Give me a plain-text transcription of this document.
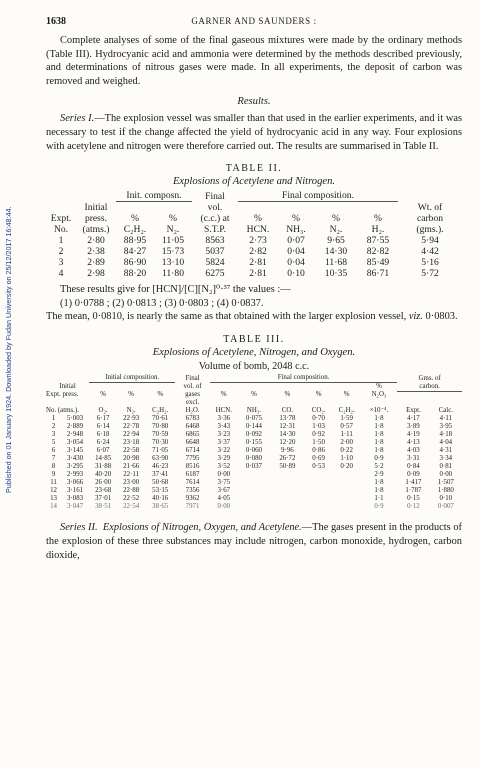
Published on 01 January 1924. Downloaded by Fudan University on 25/12/2017 16:48:44.
1638	GARNER AND SAUNDERS :

Complete analyses of some of the final gaseous mixtures were made by the ordinary methods (Table III). Hydrocyanic acid and ammonia were determined by the methods described previously, and determinations of nitrous gases were made. In all experiments, the deposit of carbon was removed and weighed.

Results.

Series I.—The explosion vessel was smaller than that used in the earlier experiments, and it was necessary to test if the change affected the yield of hydrocyanic acid in any way. Four explosions with acetylene and nitrogen were therefore carried out. The results are summarised in Table II.

TABLE II.
Explosions of Acetylene and Nitrogen.

		Init. composn.		Final	Final composition.				

	Initial			vol.					Wt. of
Expt.	press.	%	%	(c.c.) at	%	%	%	%	carbon
No.	(atms.)	C₂H₂.	N₂.	S.T.P.	HCN.	NH₃.	N₂.	H₂.	(gms.).
1	2·80	88·95	11·05	8563	2·73	0·07	9·65	87·55	5·94
2	2·38	84·27	15·73	5037	2·82	0·04	14·30	82·82	4·42
3	2·89	86·90	13·10	5824	2·81	0·04	11·68	85·49	5·16
4	2·98	88·20	11·80	6275	2·81	0·10	10·35	86·71	5·72

These results give for [HCN]/[C][N₂]⁰·³⁷ the values :—

(1) 0·0788 ; (2) 0·0813 ; (3) 0·0803 ; (4) 0·0837.

The mean, 0·0810, is nearly the same as that obtained with the larger explosion vessel, viz. 0·0803.

TABLE III.
Explosions of Acetylene, Nitrogen, and Oxygen.
Volume of bomb, 2048 c.c.

		Initial composition.			Final	Final composition.						Gms. of	
Initial					vol. of						%	carbon.	
Expt. press.		%	%	%	gases	%	%	%	%	%	N₂O₃		
No. (atms.).		O₂.	N₂.	C₂H₂.	excl.
H₂O.	HCN.	NH₃.	CO.	CO₂.	C₂H₂.	×10⁻⁴.	Expt.	Calc.
1	5·003	6·17	22·93	70·61	6783	3·36	0·075	13·78	0·70	1·59	1·8	4·17	4·11
2	2·889	6·14	22·78	70·80	6468	3·43	0·144	12·31	1·03	0·57	1·8	3·89	3·95
3	2·948	6·18	22·94	70·59	6865	3·23	0·092	14·30	0·92	1·11	1·8	4·19	4·18
5	3·054	6·24	23·18	70·30	6648	3·37	0·155	12·20	1·50	2·00	1·8	4·13	4·04
6	3·145	6·07	22·58	71·05	6714	3·22	0·060	9·96	0·86	0·22	1·8	4·03	4·31
7	3·430	14·85	20·98	63·90	7795	3·29	0·080	26·72	0·69	1·10	0·9	3·31	3·34
8	3·295	31·88	21·66	46·23	8516	3·52	0·037	50·89	0·53	0·20	5·2	0·84	0·81
9	2·993	40·20	22·11	37·41	6187	0·00					2·9	0·09	0·00
11	3·066	26·00	23·00	50·68	7614	3·75					1·8	1·417	1·507
12	3·161	23·68	22·88	53·15	7356	3·67					1·8	1·787	1·880
13	3·083	37·01	22·52	40·16	9362	4·05					1·1	0·15	0·10
14	3·047	38·51	22·54	38·65	7971	0·00					0·9	0·12	0·007

Series II. Explosions of Nitrogen, Oxygen, and Acetylene.—The gases present in the products of the explosion of these three substances may include nitrogen, carbon monoxide, hydrogen, carbon dioxide,
